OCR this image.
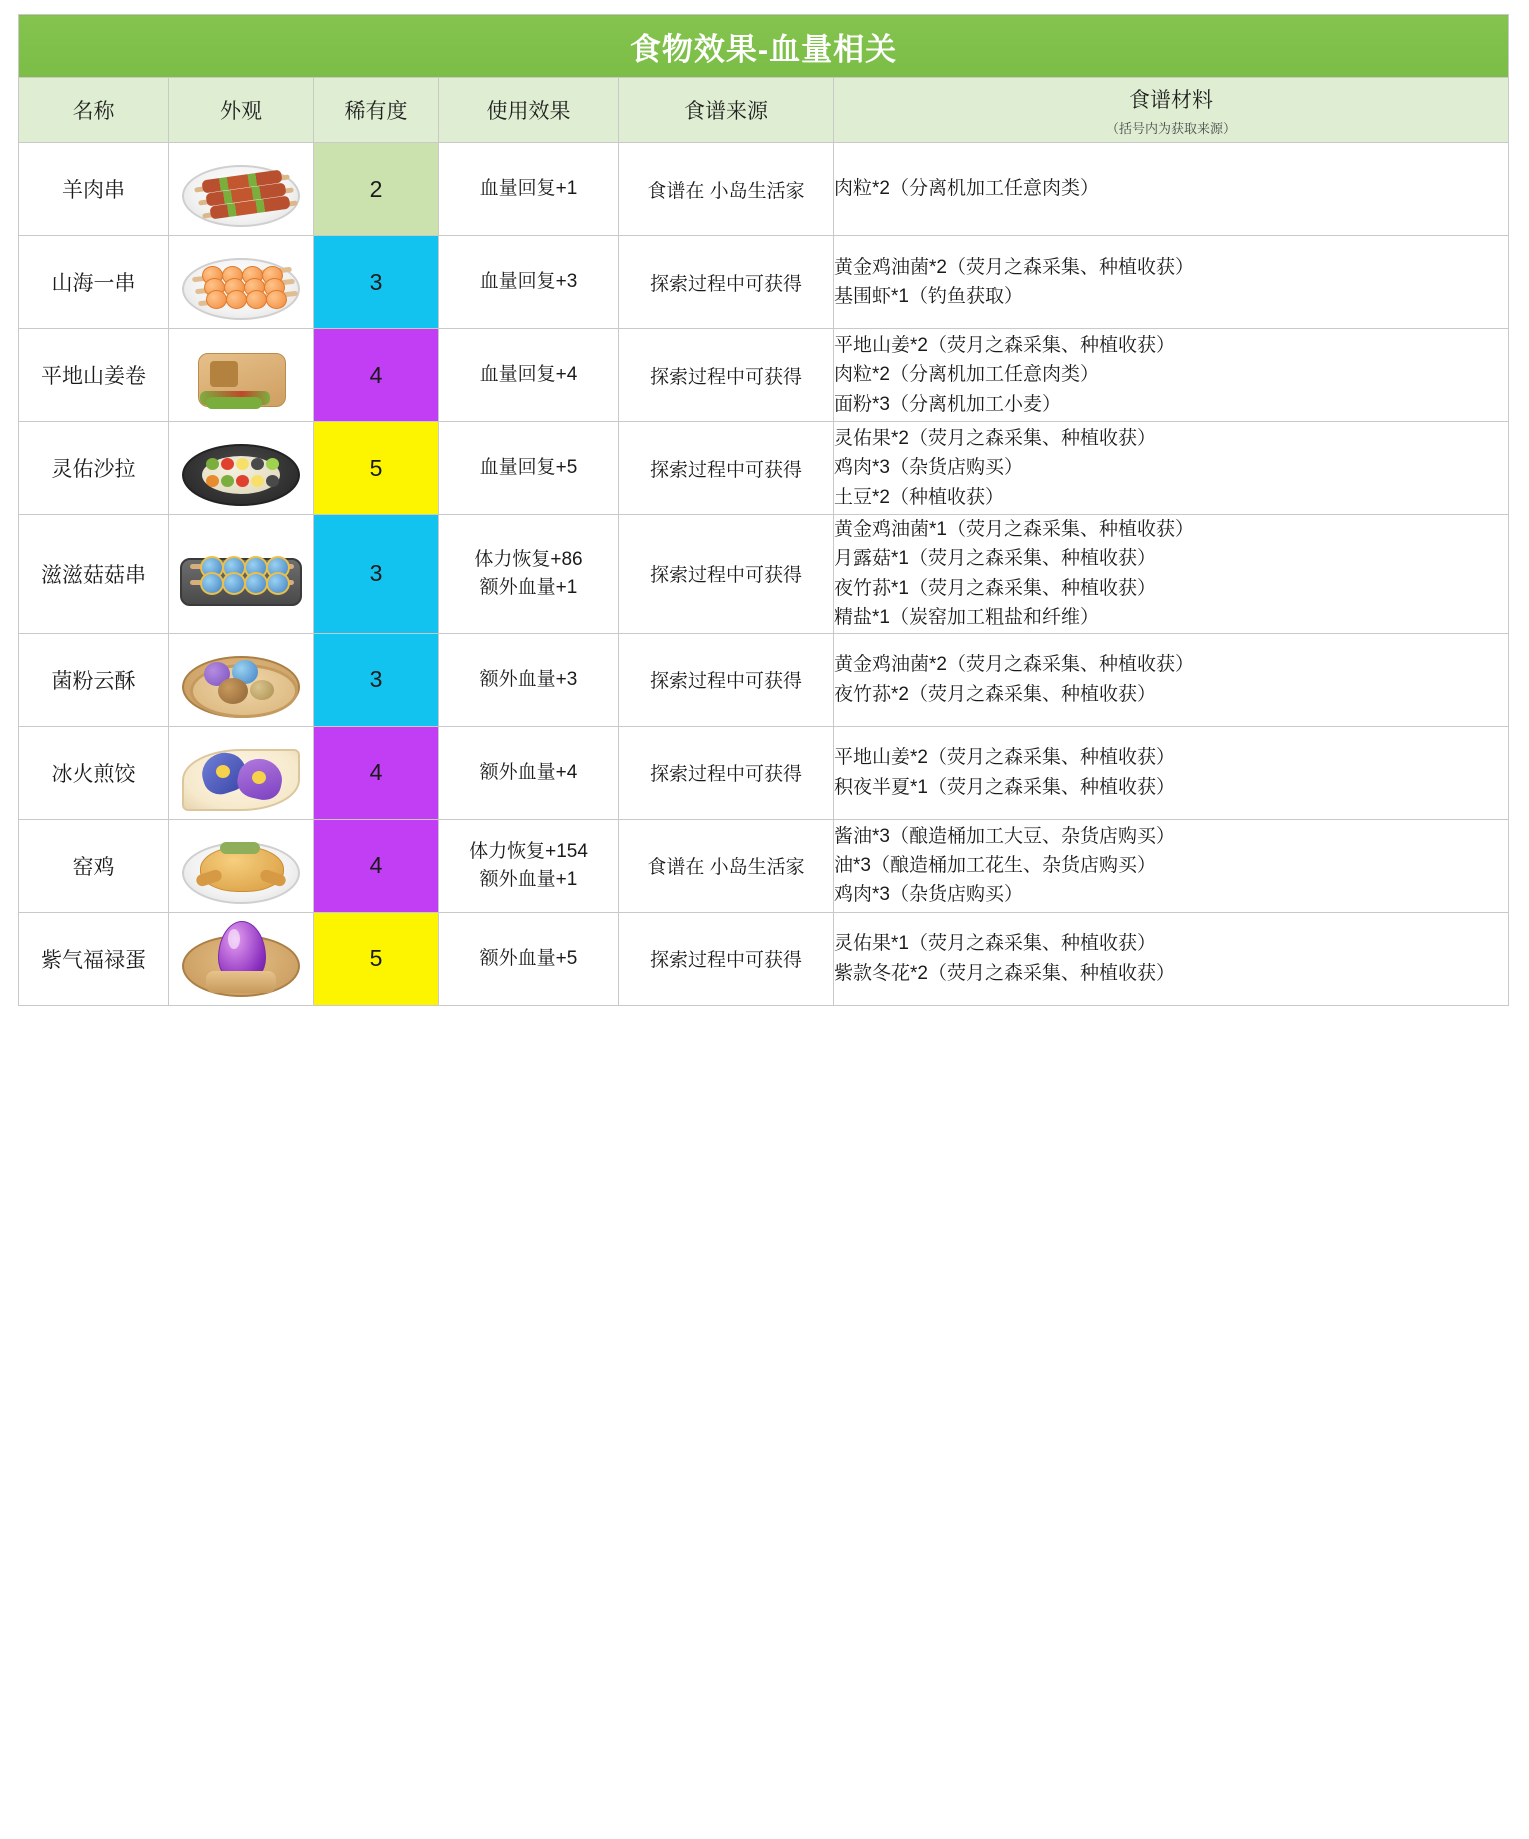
食物效果-血量相关					
名称	外观	稀有度	使用效果	食谱来源	食谱材料
（括号内为获取来源）

羊肉串		2	血量回复+1	食谱在 小岛生活家	肉粒*2（分离机加工任意肉类）

山海一串		3	血量回复+3	探索过程中可获得	黄金鸡油菌*2（荧月之森采集、种植收获）
基围虾*1（钓鱼获取）

平地山姜卷		4	血量回复+4	探索过程中可获得	平地山姜*2（荧月之森采集、种植收获）
肉粒*2（分离机加工任意肉类）
面粉*3（分离机加工小麦）

灵佑沙拉		5	血量回复+5	探索过程中可获得	灵佑果*2（荧月之森采集、种植收获）
鸡肉*3（杂货店购买）
土豆*2（种植收获）

滋滋菇菇串		3	体力恢复+86
额外血量+1	探索过程中可获得	黄金鸡油菌*1（荧月之森采集、种植收获）
月露菇*1（荧月之森采集、种植收获）
夜竹荪*1（荧月之森采集、种植收获）
精盐*1（炭窑加工粗盐和纤维）

菌粉云酥		3	额外血量+3	探索过程中可获得	黄金鸡油菌*2（荧月之森采集、种植收获）
夜竹荪*2（荧月之森采集、种植收获）

冰火煎饺		4	额外血量+4	探索过程中可获得	平地山姜*2（荧月之森采集、种植收获）
积夜半夏*1（荧月之森采集、种植收获）

窑鸡		4	体力恢复+154
额外血量+1	食谱在 小岛生活家	酱油*3（酿造桶加工大豆、杂货店购买）
油*3（酿造桶加工花生、杂货店购买）
鸡肉*3（杂货店购买）

紫气福禄蛋		5	额外血量+5	探索过程中可获得	灵佑果*1（荧月之森采集、种植收获）
紫款冬花*2（荧月之森采集、种植收获）
